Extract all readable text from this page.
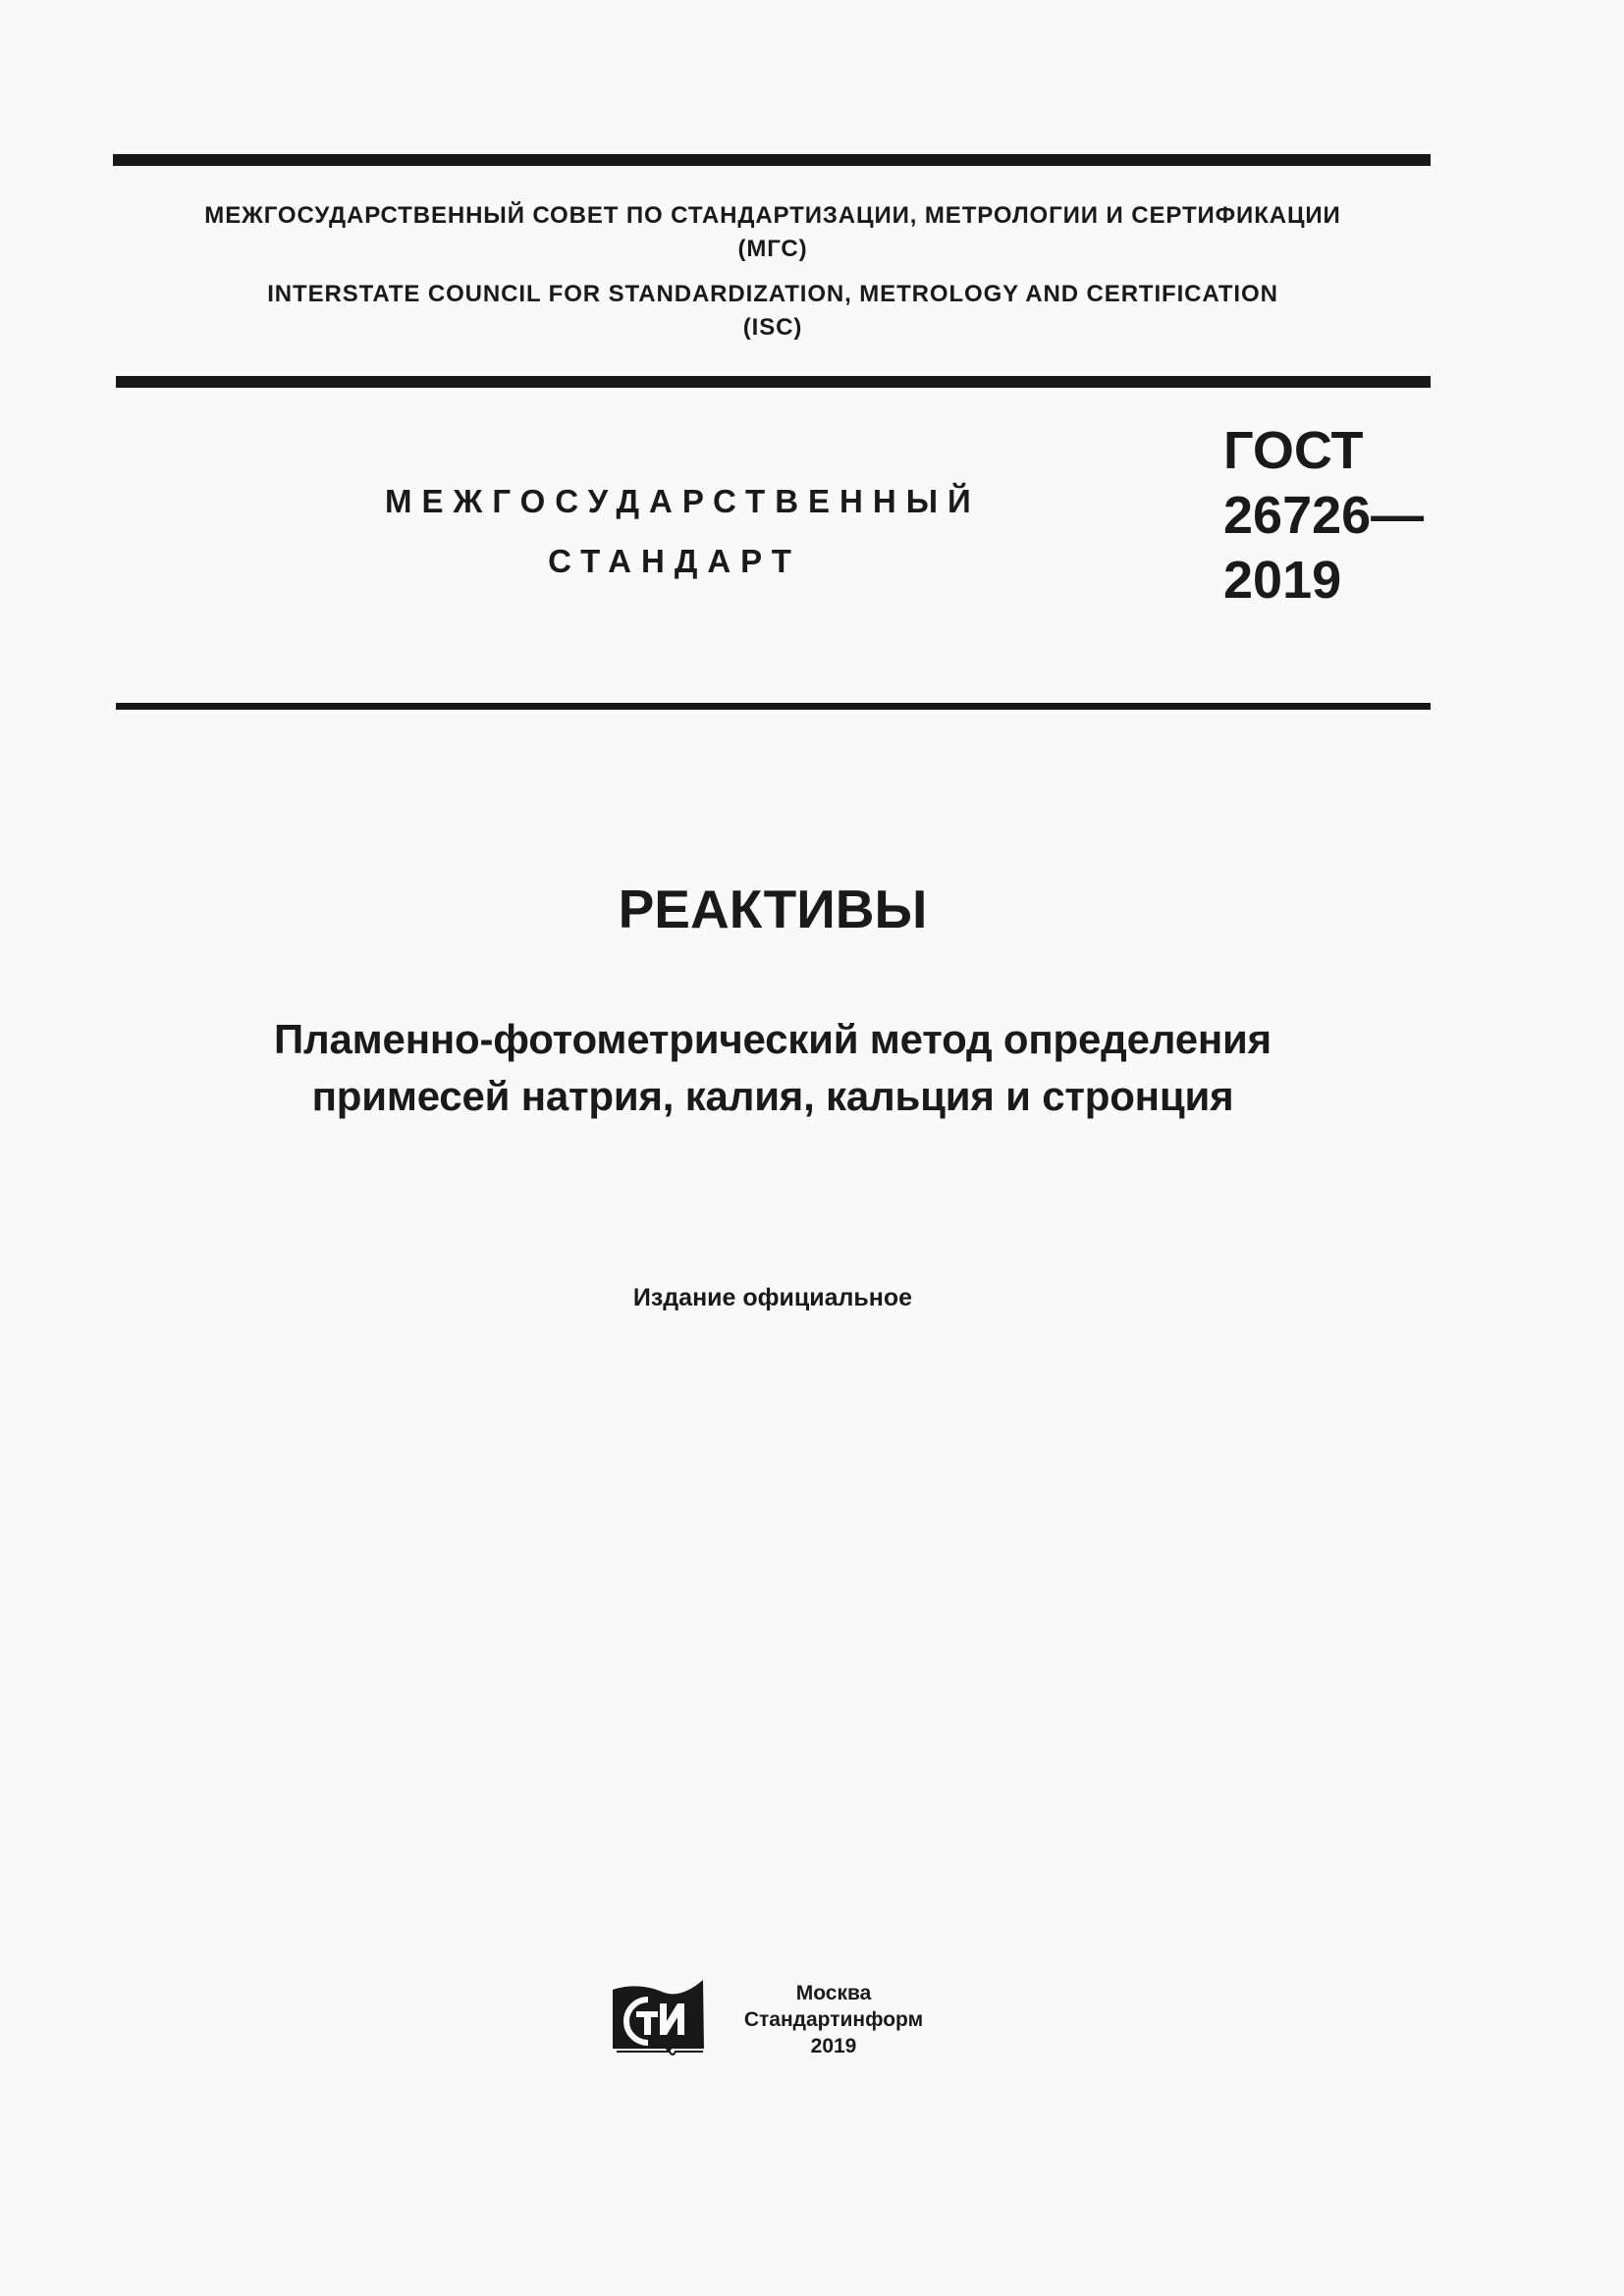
МЕЖГОСУДАРСТВЕННЫЙ СОВЕТ ПО СТАНДАРТИЗАЦИИ, МЕТРОЛОГИИ И СЕРТИФИКАЦИИ
(МГС)
INTERSTATE COUNCIL FOR STANDARDIZATION, METROLOGY AND CERTIFICATION
(ISC)
МЕЖГОСУДАРСТВЕННЫЙ
СТАНДАРТ
ГОСТ
26726—
2019
РЕАКТИВЫ
Пламенно-фотометрический метод определения
примесей натрия, калия, кальция и стронция
Издание официальное
Москва
Стандартинформ
2019
